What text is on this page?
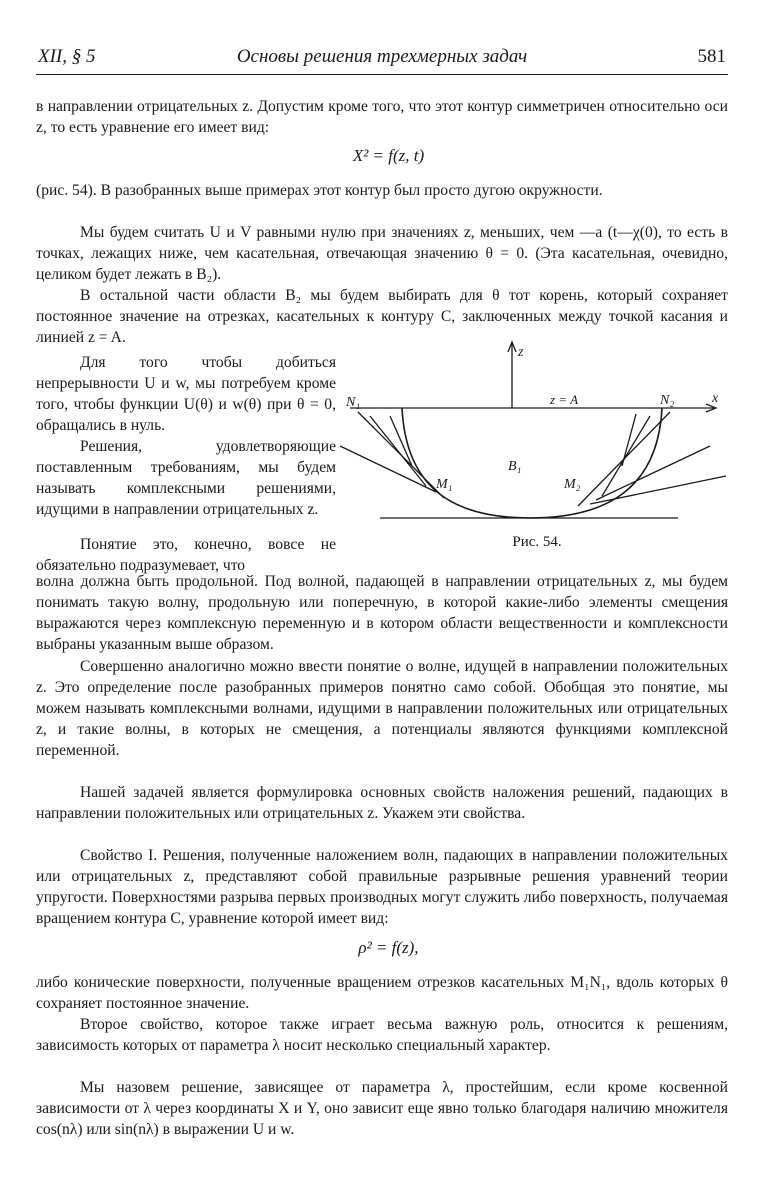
XII, § 5	Основы решения трехмерных задач	581

в направлении отрицательных z. Допустим кроме того, что этот контур симметричен относительно оси z, то есть уравнение его имеет вид:

X² = f(z, t)

(рис. 54). В разобранных выше примерах этот контур был просто дугою окружности.

Мы будем считать U и V равными нулю при значениях z, меньших, чем —a (t—χ(0), то есть в точках, лежащих ниже, чем касательная, отвечающая значению θ = 0. (Эта касательная, очевидно, целиком будет лежать в B₂).

В остальной части области B₂ мы будем выбирать для θ тот корень, который сохраняет постоянное значение на отрезках, касательных к контуру C, заключенных между точкой касания и линией z = A.

Для того чтобы добиться непрерывности U и w, мы потребуем кроме того, чтобы функции U(θ) и w(θ) при θ = 0, обращались в нуль.

Решения, удовлетворяющие поставленным требованиям, мы будем называть комплексными решениями, идущими в направлении отрицательных z.

Понятие это, конечно, вовсе не обязательно подразумевает, что

z
x
z = A
N₁	N₂
M₁	M₂
B₁
Рис. 54.

волна должна быть продольной. Под волной, падающей в направлении отрицательных z, мы будем понимать такую волну, продольную или поперечную, в которой какие-либо элементы смещения выражаются через комплексную переменную и в котором области вещественности и комплексности выбраны указанным выше образом.

Совершенно аналогично можно ввести понятие о волне, идущей в направлении положительных z. Это определение после разобранных примеров понятно само собой. Обобщая это понятие, мы можем называть комплексными волнами, идущими в направлении положительных или отрицательных z, и такие волны, в которых не смещения, а потенциалы являются функциями комплексной переменной.

Нашей задачей является формулировка основных свойств наложения решений, падающих в направлении положительных или отрицательных z. Укажем эти свойства.

Свойство I. Решения, полученные наложением волн, падающих в направлении положительных или отрицательных z, представляют собой правильные разрывные решения уравнений теории упругости. Поверхностями разрыва первых производных могут служить либо поверхность, получаемая вращением контура C, уравнение которой имеет вид:

ρ² = f(z),

либо конические поверхности, полученные вращением отрезков касательных M₁N₁, вдоль которых θ сохраняет постоянное значение.

Второе свойство, которое также играет весьма важную роль, относится к решениям, зависимость которых от параметра λ носит несколько специальный характер.

Мы назовем решение, зависящее от параметра λ, простейшим, если кроме косвенной зависимости от λ через координаты X и Y, оно зависит еще явно только благодаря наличию множителя cos(nλ) или sin(nλ) в выражении U и w.
